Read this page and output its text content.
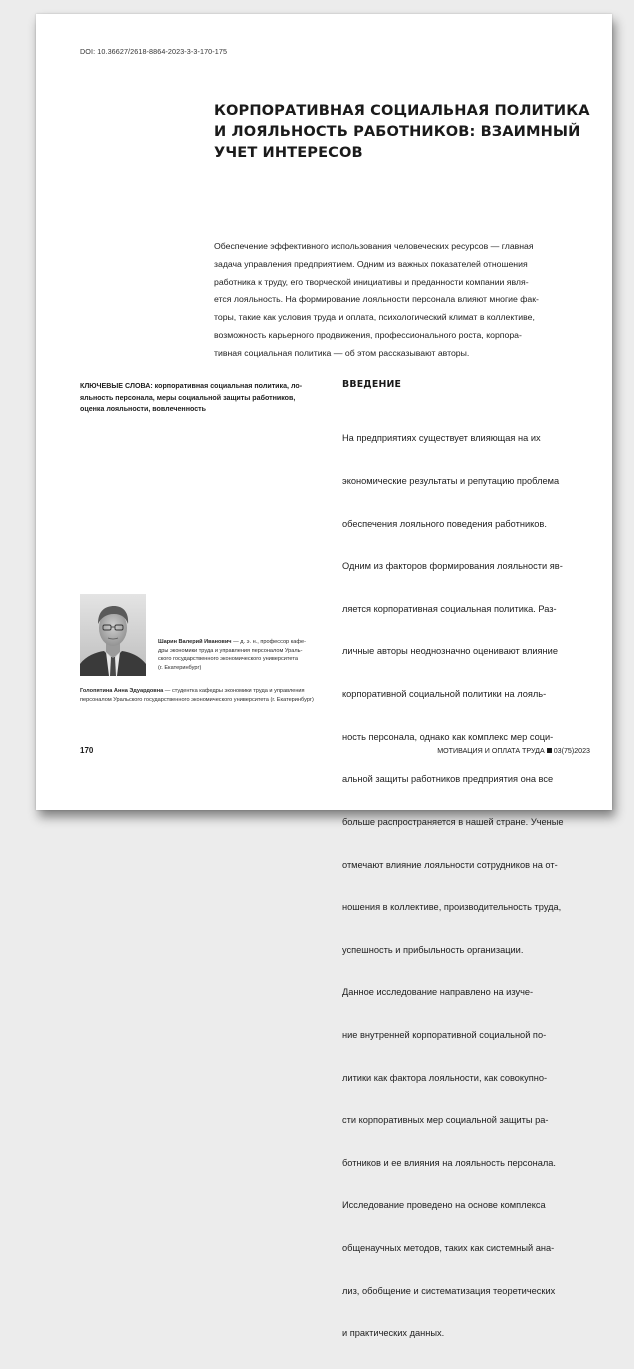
DOI: 10.36627/2618-8864-2023-3-3-170-175
КОРПОРАТИВНАЯ СОЦИАЛЬНАЯ ПОЛИТИКА
И ЛОЯЛЬНОСТЬ РАБОТНИКОВ: ВЗАИМНЫЙ
УЧЕТ ИНТЕРЕСОВ
Обеспечение эффективного использования человеческих ресурсов — главная
задача управления предприятием. Одним из важных показателей отношения
работника к труду, его творческой инициативы и преданности компании явля-
ется лояльность. На формирование лояльности персонала влияют многие фак-
торы, такие как условия труда и оплата, психологический климат в коллективе,
возможность карьерного продвижения, профессионального роста, корпора-
тивная социальная политика — об этом рассказывают авторы.
КЛЮЧЕВЫЕ СЛОВА: корпоративная социальная политика, ло-
яльность персонала, меры социальной защиты работников,
оценка лояльности, вовлеченность
ВВЕДЕНИЕ

На предприятиях существует влияющая на их

экономические результаты и репутацию проблема

обеспечения лояльного поведения работников.

Одним из факторов формирования лояльности яв-

ляется корпоративная социальная политика. Раз-

личные авторы неоднозначно оценивают влияние

корпоративной социальной политики на лояль-

ность персонала, однако как комплекс мер соци-

альной защиты работников предприятия она все

больше распространяется в нашей стране. Ученые

отмечают влияние лояльности сотрудников на от-

ношения в коллективе, производительность труда,

успешность и прибыльность организации.

Данное исследование направлено на изуче-

ние внутренней корпоративной социальной по-

литики как фактора лояльности, как совокупно-

сти корпоративных мер социальной защиты ра-

ботников и ее влияния на лояльность персонала.

Исследование проведено на основе комплекса

общенаучных методов, таких как системный ана-

лиз, обобщение и систематизация теоретических

и практических данных.

Шарин Валерий Иванович — д. э. н., профессор кафе-
дры экономики труда и управления персоналом Ураль-
ского государственного экономического университета
(г. Екатеринбург)
Голопятина Анна Эдуардовна — студентка кафедры экономики труда и управления
персоналом Уральского государственного экономического университета (г. Екатеринбург)
170	МОТИВАЦИЯ И ОПЛАТА ТРУДА 03(75)2023
